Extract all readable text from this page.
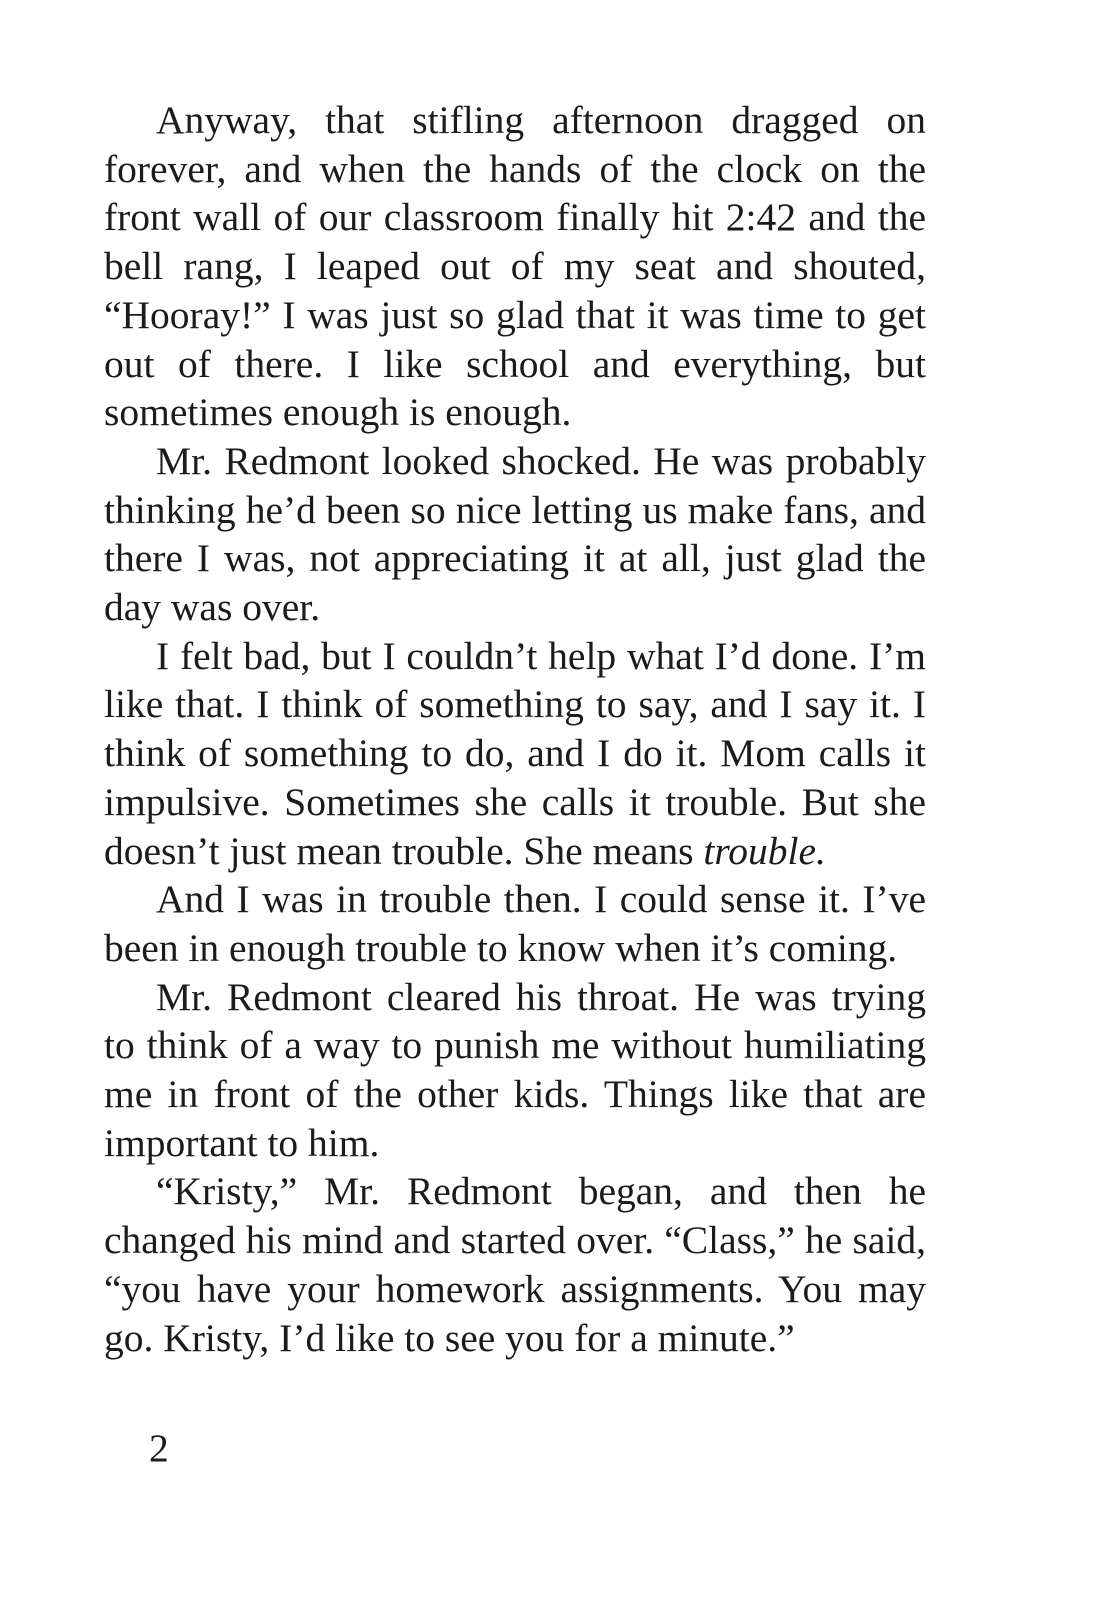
Anyway, that stifling afternoon dragged on forever, and when the hands of the clock on the front wall of our classroom finally hit 2:42 and the bell rang, I leaped out of my seat and shouted, “Hooray!” I was just so glad that it was time to get out of there. I like school and everything, but sometimes enough is enough.

Mr. Redmont looked shocked. He was probably thinking he’d been so nice letting us make fans, and there I was, not appreciating it at all, just glad the day was over.

I felt bad, but I couldn’t help what I’d done. I’m like that. I think of something to say, and I say it. I think of something to do, and I do it. Mom calls it impulsive. Sometimes she calls it trouble. But she doesn’t just mean trouble. She means trouble.

And I was in trouble then. I could sense it. I’ve been in enough trouble to know when it’s coming.

Mr. Redmont cleared his throat. He was trying to think of a way to punish me without humiliating me in front of the other kids. Things like that are important to him.

“Kristy,” Mr. Redmont began, and then he changed his mind and started over. “Class,” he said, “you have your homework assignments. You may go. Kristy, I’d like to see you for a minute.”

2
